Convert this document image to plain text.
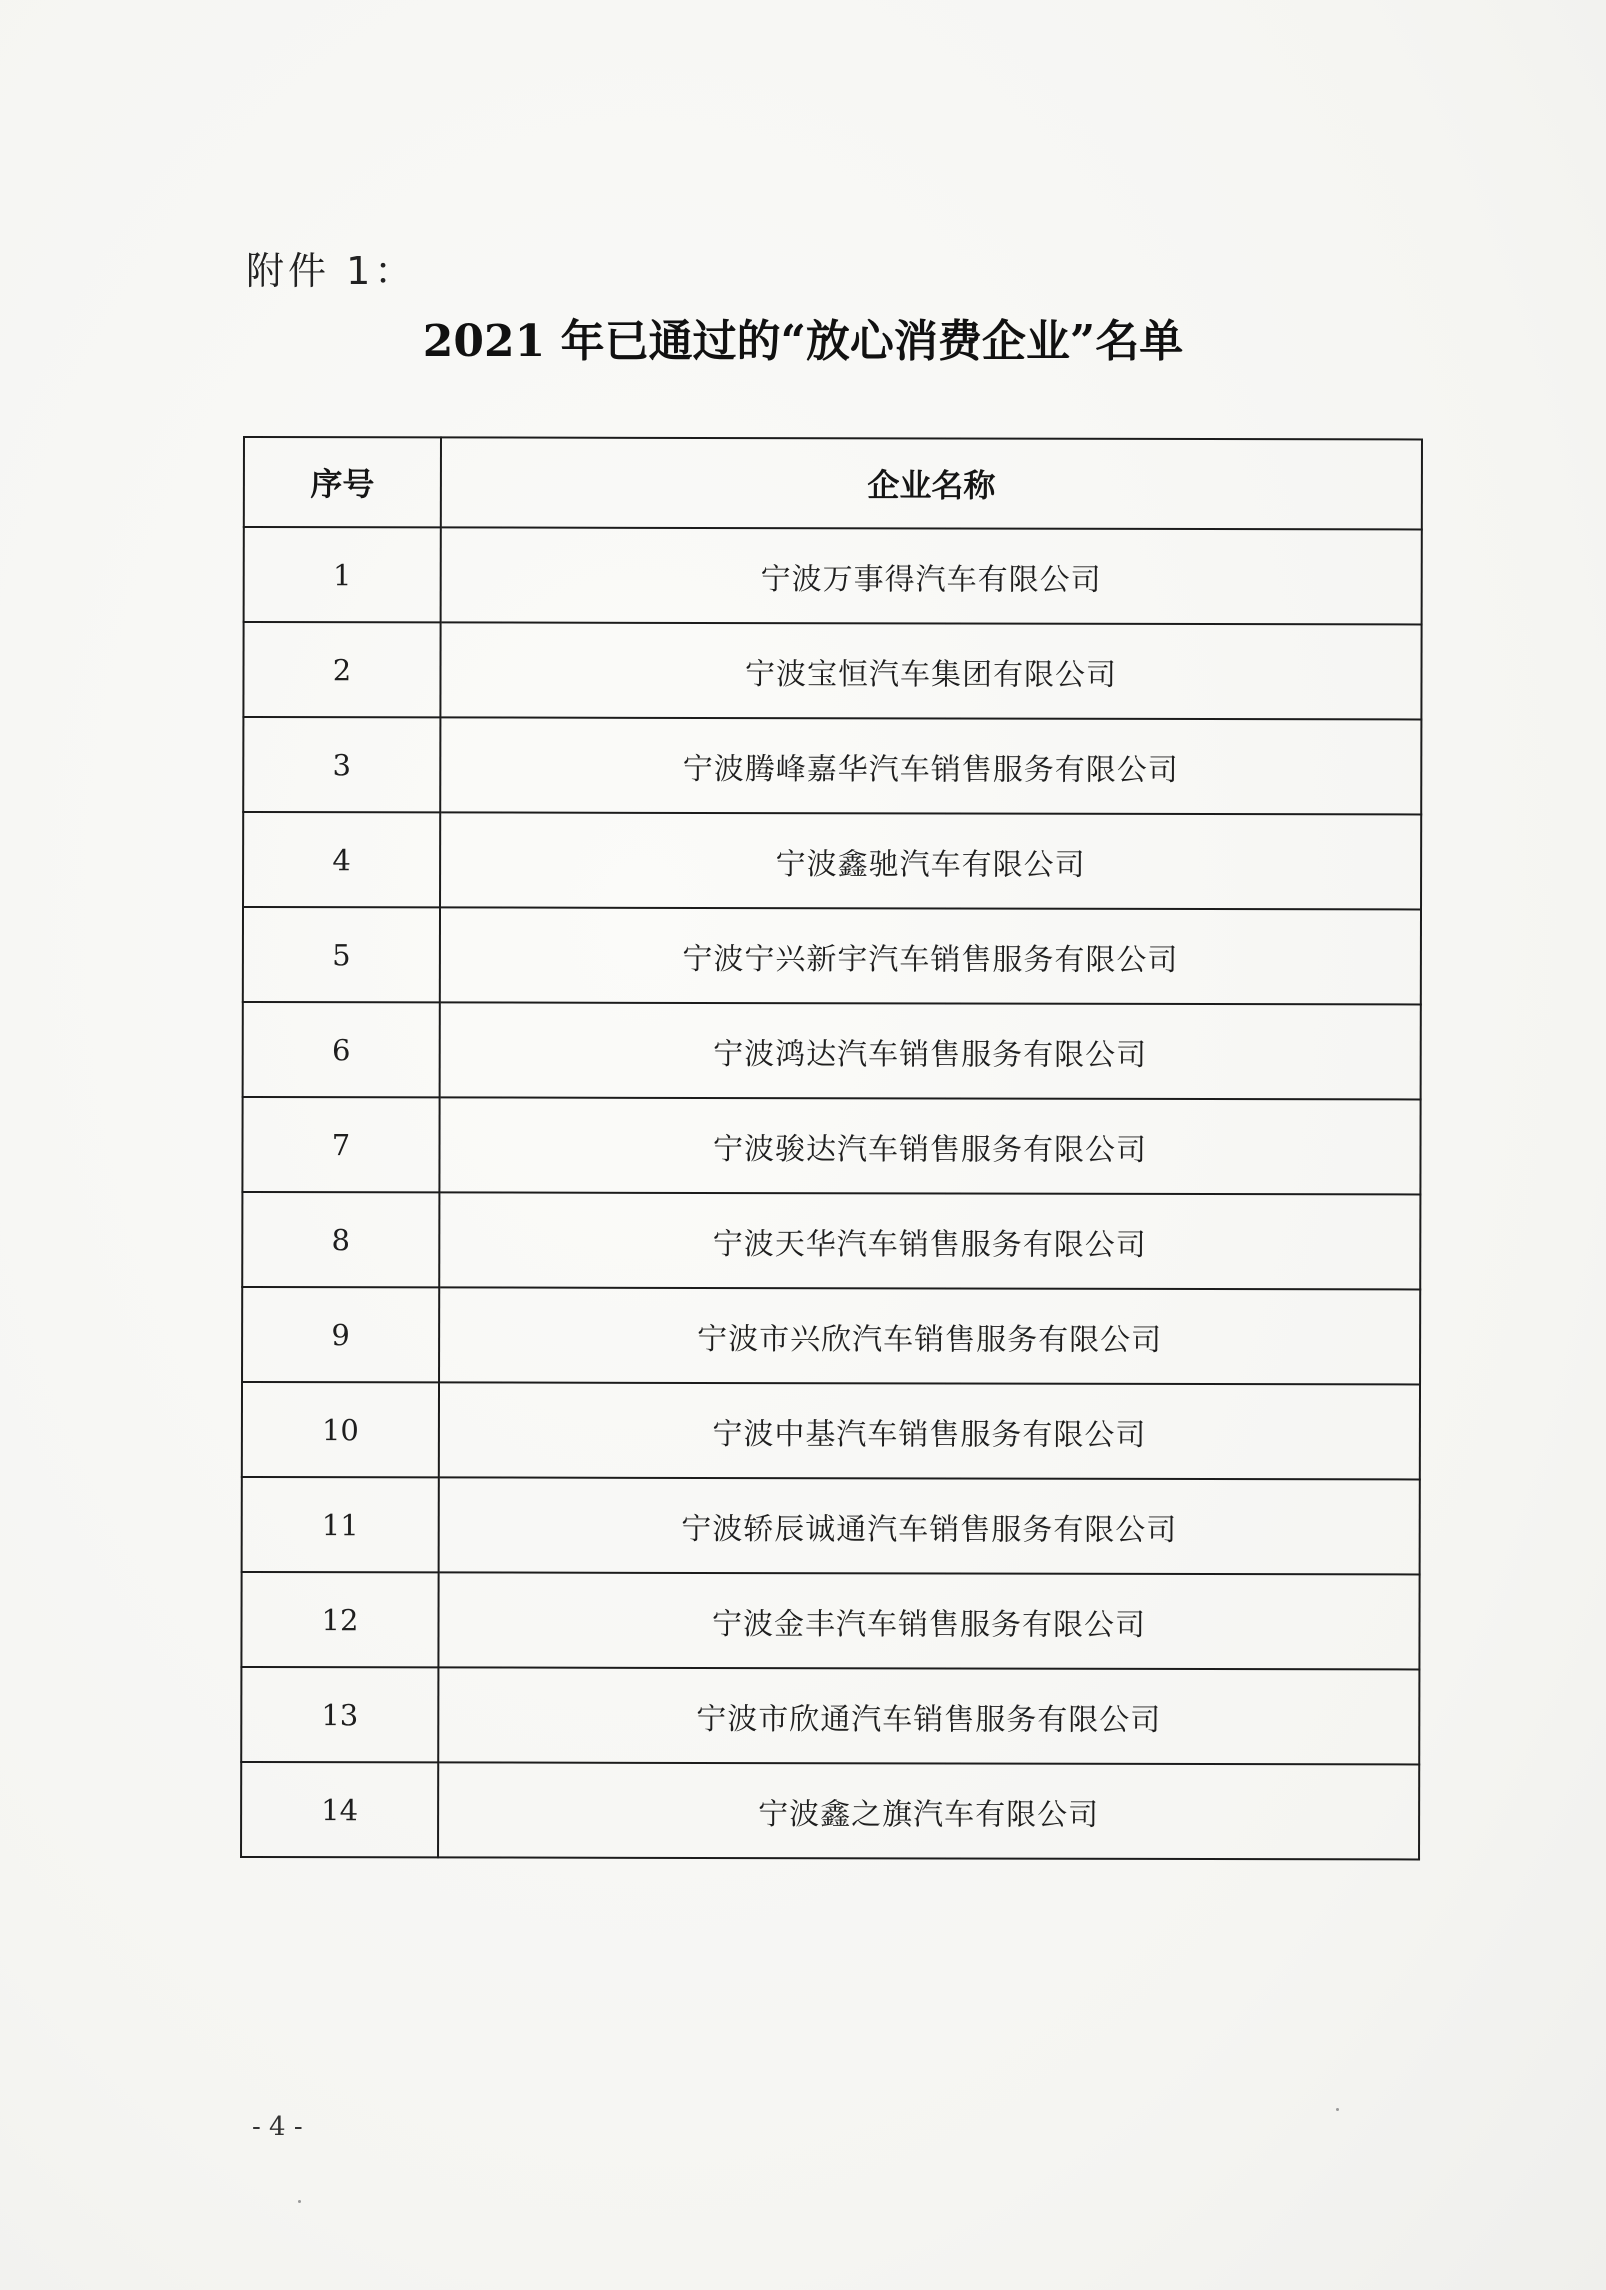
附件 1：
2021 年已通过的“放心消费企业”名单
序号	企业名称
1	宁波万事得汽车有限公司
2	宁波宝恒汽车集团有限公司
3	宁波腾峰嘉华汽车销售服务有限公司
4	宁波鑫驰汽车有限公司
5	宁波宁兴新宇汽车销售服务有限公司
6	宁波鸿达汽车销售服务有限公司
7	宁波骏达汽车销售服务有限公司
8	宁波天华汽车销售服务有限公司
9	宁波市兴欣汽车销售服务有限公司
10	宁波中基汽车销售服务有限公司
11	宁波轿辰诚通汽车销售服务有限公司
12	宁波金丰汽车销售服务有限公司
13	宁波市欣通汽车销售服务有限公司
14	宁波鑫之旗汽车有限公司
- 4 -
